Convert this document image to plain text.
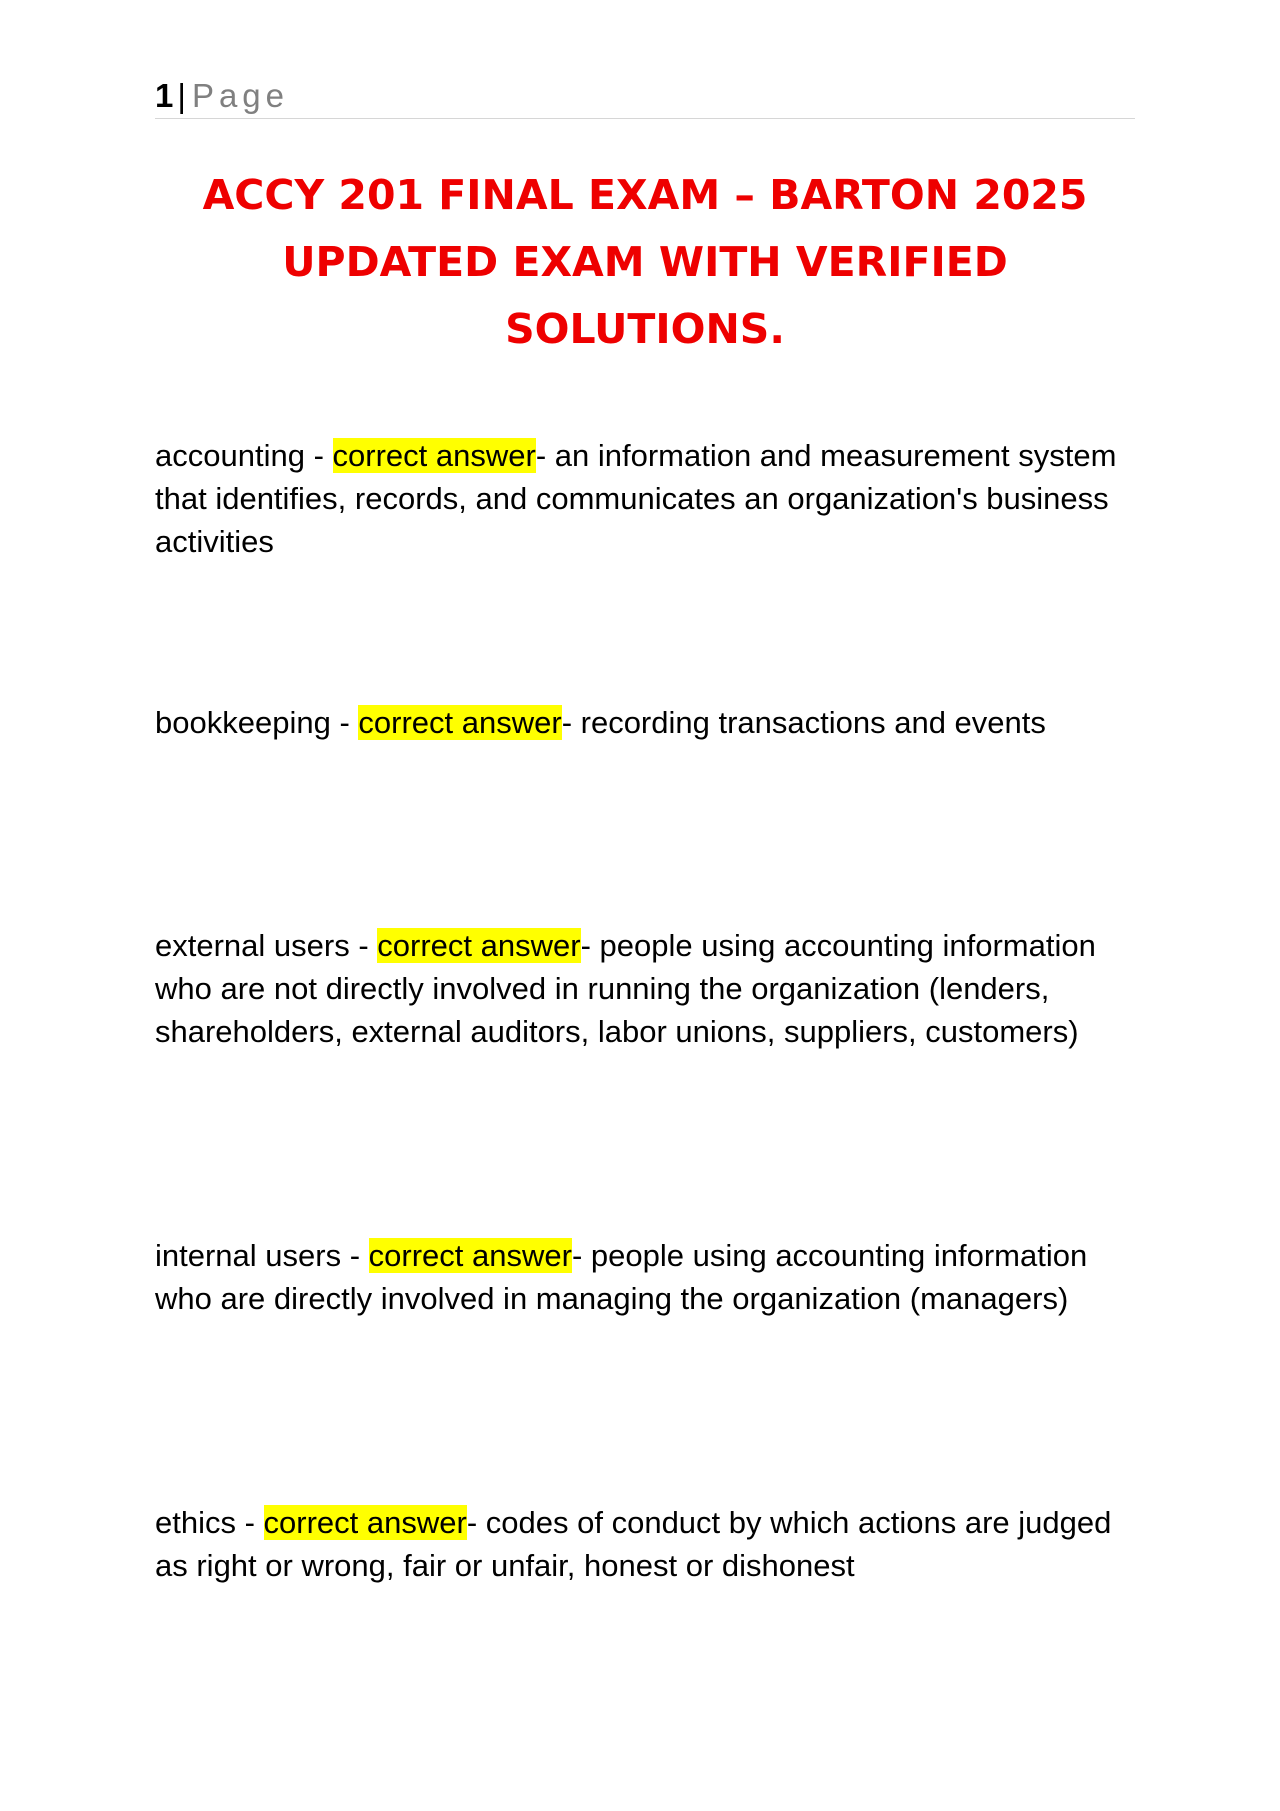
1 | Page
ACCY 201 FINAL EXAM – BARTON 2025
UPDATED EXAM WITH VERIFIED
SOLUTIONS.

accounting - correct answer- an information and measurement system that identifies, records, and communicates an organization's business activities

bookkeeping - correct answer- recording transactions and events

external users - correct answer- people using accounting information who are not directly involved in running the organization (lenders, shareholders, external auditors, labor unions, suppliers, customers)

internal users - correct answer- people using accounting information who are directly involved in managing the organization (managers)

ethics - correct answer- codes of conduct by which actions are judged as right or wrong, fair or unfair, honest or dishonest
